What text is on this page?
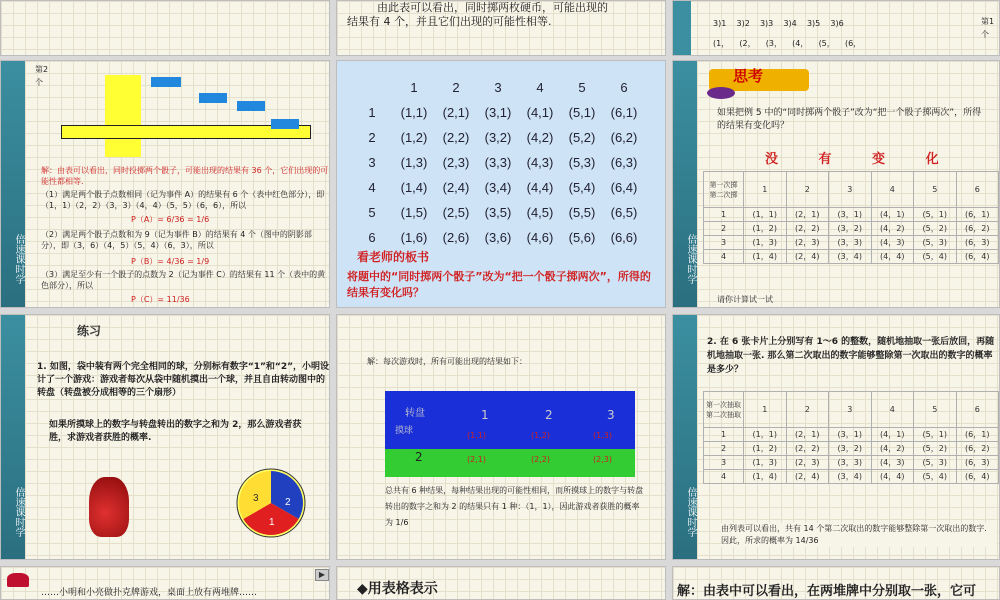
由此表可以看出，同时掷两枚硬币，可能出现的
结果有 4 个，并且它们出现的可能性相等.	3)1 3)2 3)3 3)4 3)5 3)6
(1， (2， (3， (4， (5， (6，
第1个
倍速课时学
第2个
解：由表可以看出，同时投掷两个骰子，可能出现的结果有 36 个，它们出现的可能性都相等.
（1）满足两个骰子点数相同（记为事件 A）的结果有 6 个（表中红色部分），即（1，1）（2，2）（3，3）（4，4）（5，5）（6，6），所以
P（A）= 6/36 = 1/6
（2）满足两个骰子点数和为 9（记为事件 B）的结果有 4 个（图中的阴影部分），即（3，6）（4，5）（5，4）（6，3），所以
P（B）= 4/36 = 1/9
（3）满足至少有一个骰子的点数为 2（记为事件 C）的结果有 11 个（表中的黄色部分），所以
P（C）= 11/36
	1	2	3	4	5	6
1	(1,1)	(2,1)	(3,1)	(4,1)	(5,1)	(6,1)
2	(1,2)	(2,2)	(3,2)	(4,2)	(5,2)	(6,2)
3	(1,3)	(2,3)	(3,3)	(4,3)	(5,3)	(6,3)
4	(1,4)	(2,4)	(3,4)	(4,4)	(5,4)	(6,4)
5	(1,5)	(2,5)	(3,5)	(4,5)	(5,5)	(6,5)
6	(1,6)	(2,6)	(3,6)	(4,6)	(5,6)	(6,6)
看老师的板书
将题中的“同时掷两个骰子”改为“把一个骰子掷两次”，所得的结果有变化吗？
倍速课时学
思考
如果把例 5 中的“同时掷两个骰子”改为“把一个骰子掷两次”，所得的结果有变化吗？
没 有 变 化
第一次掷
第二次掷	1	2	3	4	5	6
1	(1，1)	(2，1)	(3，1)	(4，1)	(5，1)	(6，1)
2	(1，2)	(2，2)	(3，2)	(4，2)	(5，2)	(6，2)
3	(1，3)	(2，3)	(3，3)	(4，3)	(5，3)	(6，3)
4	(1，4)	(2，4)	(3，4)	(4，4)	(5，4)	(6，4)
请你计算试一试
倍速课时学
练习
1. 如图，袋中装有两个完全相同的球，分别标有数字“1”和“2”，小明设计了一个游戏：游戏者每次从袋中随机摸出一个球，并且自由转动图中的转盘（转盘被分成相等的三个扇形）
如果所摸球上的数字与转盘转出的数字之和为 2，那么游戏者获胜，求游戏者获胜的概率.
2
1
3
解：每次游戏时，所有可能出现的结果如下：
转盘
摸球
1	2	3
(1,1)	(1,2)	(1,3)
2	(2,1)	(2,2)	(2,3)
总共有 6 种结果，每种结果出现的可能性相同，而所摸球上的数字与转盘转出的数字之和为 2 的结果只有 1 种：（1，1），因此游戏者获胜的概率为 1/6	倍速课时学
2. 在 6 张卡片上分别写有 1～6 的整数，随机地抽取一张后放回，再随机地抽取一张. 那么第二次取出的数字能够整除第一次取出的数字的概率是多少？
第一次抽取
第二次抽取	1	2	3	4	5	6
1	(1，1)	(2，1)	(3，1)	(4，1)	(5，1)	(6，1)
2	(1，2)	(2，2)	(3，2)	(4，2)	(5，2)	(6，2)
3	(1，3)	(2，3)	(3，3)	(4，3)	(5，3)	(6，3)
4	(1，4)	(2，4)	(3，4)	(4，4)	(5，4)	(6，4)
由列表可以看出，共有 14 个第二次取出的数字能够整除第一次取出的数字. 因此，所求的概率为 14/36
……小明和小亮做扑克牌游戏，桌面上放有两堆牌……
▶
◆用表格表示	解：由表中可以看出，在两堆牌中分别取一张，它可
